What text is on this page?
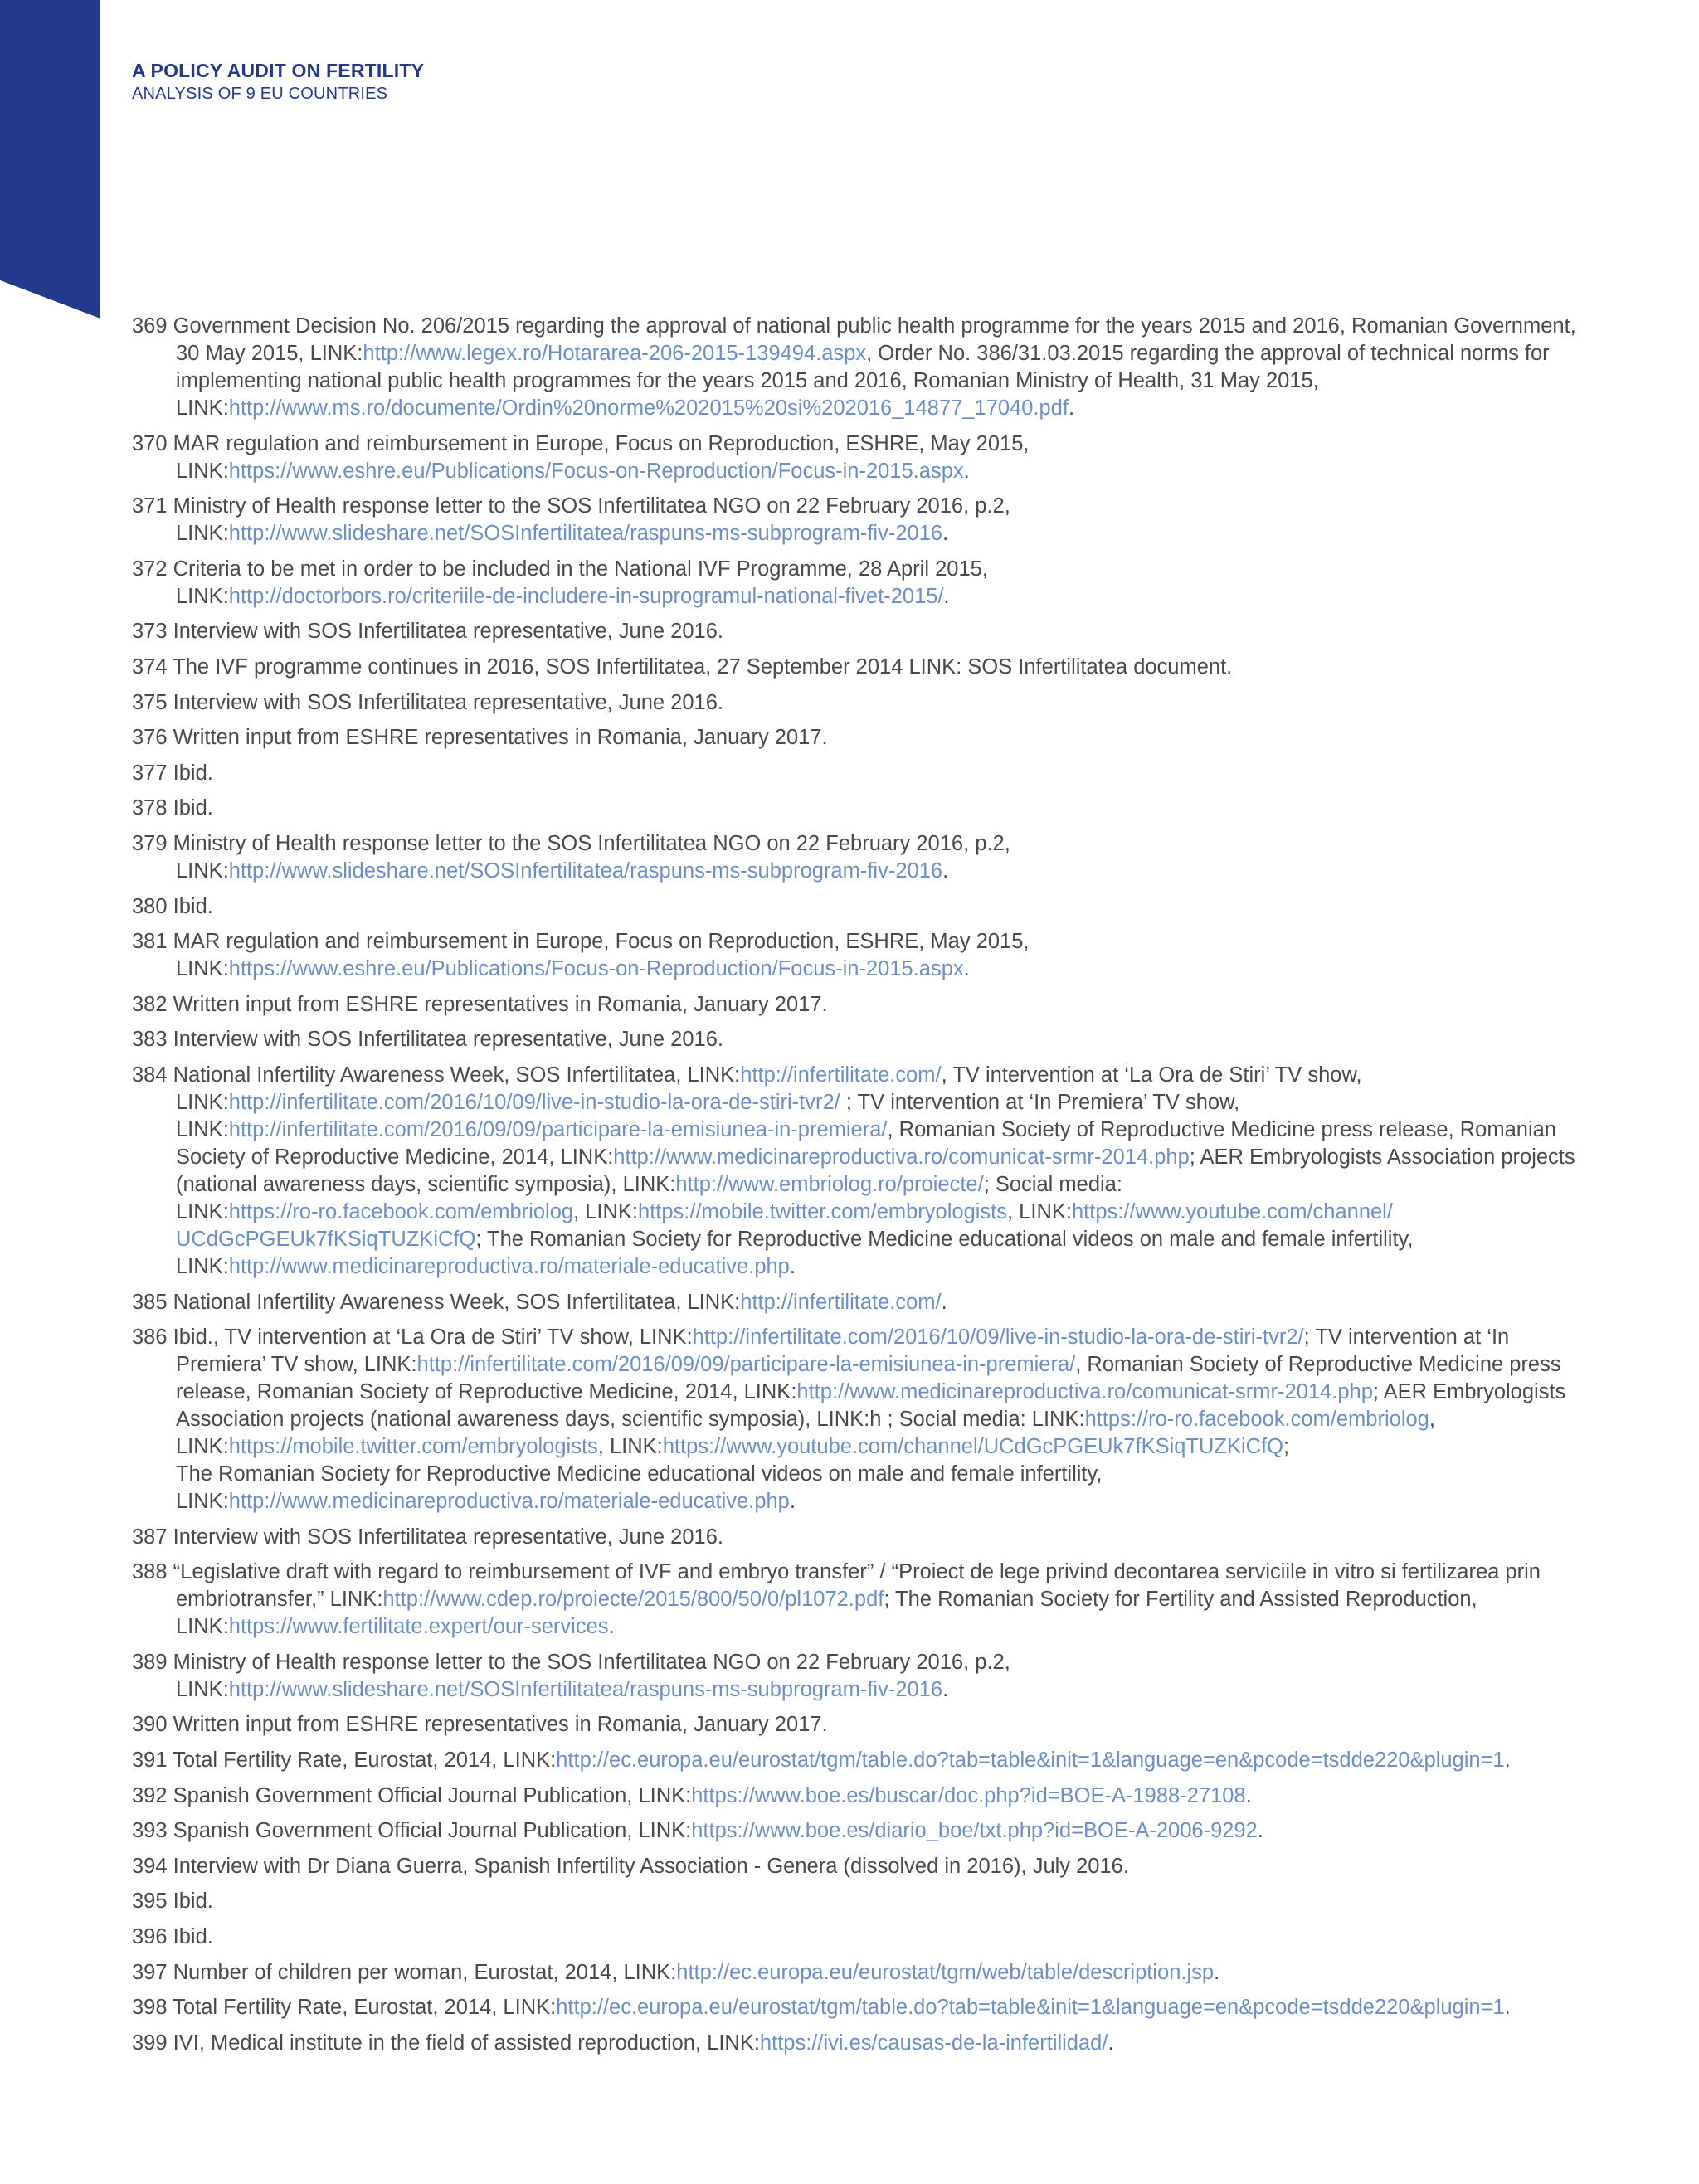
A POLICY AUDIT ON FERTILITY
ANALYSIS OF 9 EU COUNTRIES

369 Government Decision No. 206/2015 regarding the approval of national public health programme for the years 2015 and 2016, Romanian Government, 30 May 2015, LINK:http://www.legex.ro/Hotararea-206-2015-139494.aspx, Order No. 386/31.03.2015 regarding the approval of technical norms for implementing national public health programmes for the years 2015 and 2016, Romanian Ministry of Health, 31 May 2015, LINK:http://www.ms.ro/documente/Ordin%20norme%202015%20si%202016_14877_17040.pdf.

370 MAR regulation and reimbursement in Europe, Focus on Reproduction, ESHRE, May 2015,
LINK:https://www.eshre.eu/Publications/Focus-on-Reproduction/Focus-in-2015.aspx.

371 Ministry of Health response letter to the SOS Infertilitatea NGO on 22 February 2016, p.2,
LINK:http://www.slideshare.net/SOSInfertilitatea/raspuns-ms-subprogram-fiv-2016.

372 Criteria to be met in order to be included in the National IVF Programme, 28 April 2015,
LINK:http://doctorbors.ro/criteriile-de-includere-in-suprogramul-national-fivet-2015/.

373 Interview with SOS Infertilitatea representative, June 2016.

374 The IVF programme continues in 2016, SOS Infertilitatea, 27 September 2014 LINK: SOS Infertilitatea document.

375 Interview with SOS Infertilitatea representative, June 2016.

376 Written input from ESHRE representatives in Romania, January 2017.

377 Ibid.

378 Ibid.

379 Ministry of Health response letter to the SOS Infertilitatea NGO on 22 February 2016, p.2,
LINK:http://www.slideshare.net/SOSInfertilitatea/raspuns-ms-subprogram-fiv-2016.

380 Ibid.

381 MAR regulation and reimbursement in Europe, Focus on Reproduction, ESHRE, May 2015,
LINK:https://www.eshre.eu/Publications/Focus-on-Reproduction/Focus-in-2015.aspx.

382 Written input from ESHRE representatives in Romania, January 2017.

383 Interview with SOS Infertilitatea representative, June 2016.

384 National Infertility Awareness Week, SOS Infertilitatea, LINK:http://infertilitate.com/, TV intervention at ‘La Ora de Stiri’ TV show,
LINK:http://infertilitate.com/2016/10/09/live-in-studio-la-ora-de-stiri-tvr2/ ; TV intervention at ‘In Premiera’ TV show,
LINK:http://infertilitate.com/2016/09/09/participare-la-emisiunea-in-premiera/, Romanian Society of Reproductive Medicine press release, Romanian Society of Reproductive Medicine, 2014, LINK:http://www.medicinareproductiva.ro/comunicat-srmr-2014.php; AER Embryologists Association projects (national awareness days, scientific symposia), LINK:http://www.embriolog.ro/proiecte/; Social media:
LINK:https://ro-ro.facebook.com/embriolog, LINK:https://mobile.twitter.com/embryologists, LINK:https://www.youtube.com/channel/
UCdGcPGEUk7fKSiqTUZKiCfQ; The Romanian Society for Reproductive Medicine educational videos on male and female infertility,
LINK:http://www.medicinareproductiva.ro/materiale-educative.php.

385 National Infertility Awareness Week, SOS Infertilitatea, LINK:http://infertilitate.com/.

386 Ibid., TV intervention at ‘La Ora de Stiri’ TV show, LINK:http://infertilitate.com/2016/10/09/live-in-studio-la-ora-de-stiri-tvr2/; TV intervention at ‘In Premiera’ TV show, LINK:http://infertilitate.com/2016/09/09/participare-la-emisiunea-in-premiera/, Romanian Society of Reproductive Medicine press release, Romanian Society of Reproductive Medicine, 2014, LINK:http://www.medicinareproductiva.ro/comunicat-srmr-2014.php; AER Embryologists Association projects (national awareness days, scientific symposia), LINK:h ; Social media: LINK:https://ro-ro.facebook.com/embriolog, LINK:https://mobile.twitter.com/embryologists, LINK:https://www.youtube.com/channel/UCdGcPGEUk7fKSiqTUZKiCfQ;
The Romanian Society for Reproductive Medicine educational videos on male and female infertility,
LINK:http://www.medicinareproductiva.ro/materiale-educative.php.

387 Interview with SOS Infertilitatea representative, June 2016.

388 “Legislative draft with regard to reimbursement of IVF and embryo transfer” / “Proiect de lege privind decontarea serviciile in vitro si fertilizarea prin embriotransfer,” LINK:http://www.cdep.ro/proiecte/2015/800/50/0/pl1072.pdf; The Romanian Society for Fertility and Assisted Reproduction, LINK:https://www.fertilitate.expert/our-services.

389 Ministry of Health response letter to the SOS Infertilitatea NGO on 22 February 2016, p.2,
LINK:http://www.slideshare.net/SOSInfertilitatea/raspuns-ms-subprogram-fiv-2016.

390 Written input from ESHRE representatives in Romania, January 2017.

391 Total Fertility Rate, Eurostat, 2014, LINK:http://ec.europa.eu/eurostat/tgm/table.do?tab=table&init=1&language=en&pcode=tsdde220&plugin=1.

392 Spanish Government Official Journal Publication, LINK:https://www.boe.es/buscar/doc.php?id=BOE-A-1988-27108.

393 Spanish Government Official Journal Publication, LINK:https://www.boe.es/diario_boe/txt.php?id=BOE-A-2006-9292.

394 Interview with Dr Diana Guerra, Spanish Infertility Association - Genera (dissolved in 2016), July 2016.

395 Ibid.

396 Ibid.

397 Number of children per woman, Eurostat, 2014, LINK:http://ec.europa.eu/eurostat/tgm/web/table/description.jsp.

398 Total Fertility Rate, Eurostat, 2014, LINK:http://ec.europa.eu/eurostat/tgm/table.do?tab=table&init=1&language=en&pcode=tsdde220&plugin=1.

399 IVI, Medical institute in the field of assisted reproduction, LINK:https://ivi.es/causas-de-la-infertilidad/.
